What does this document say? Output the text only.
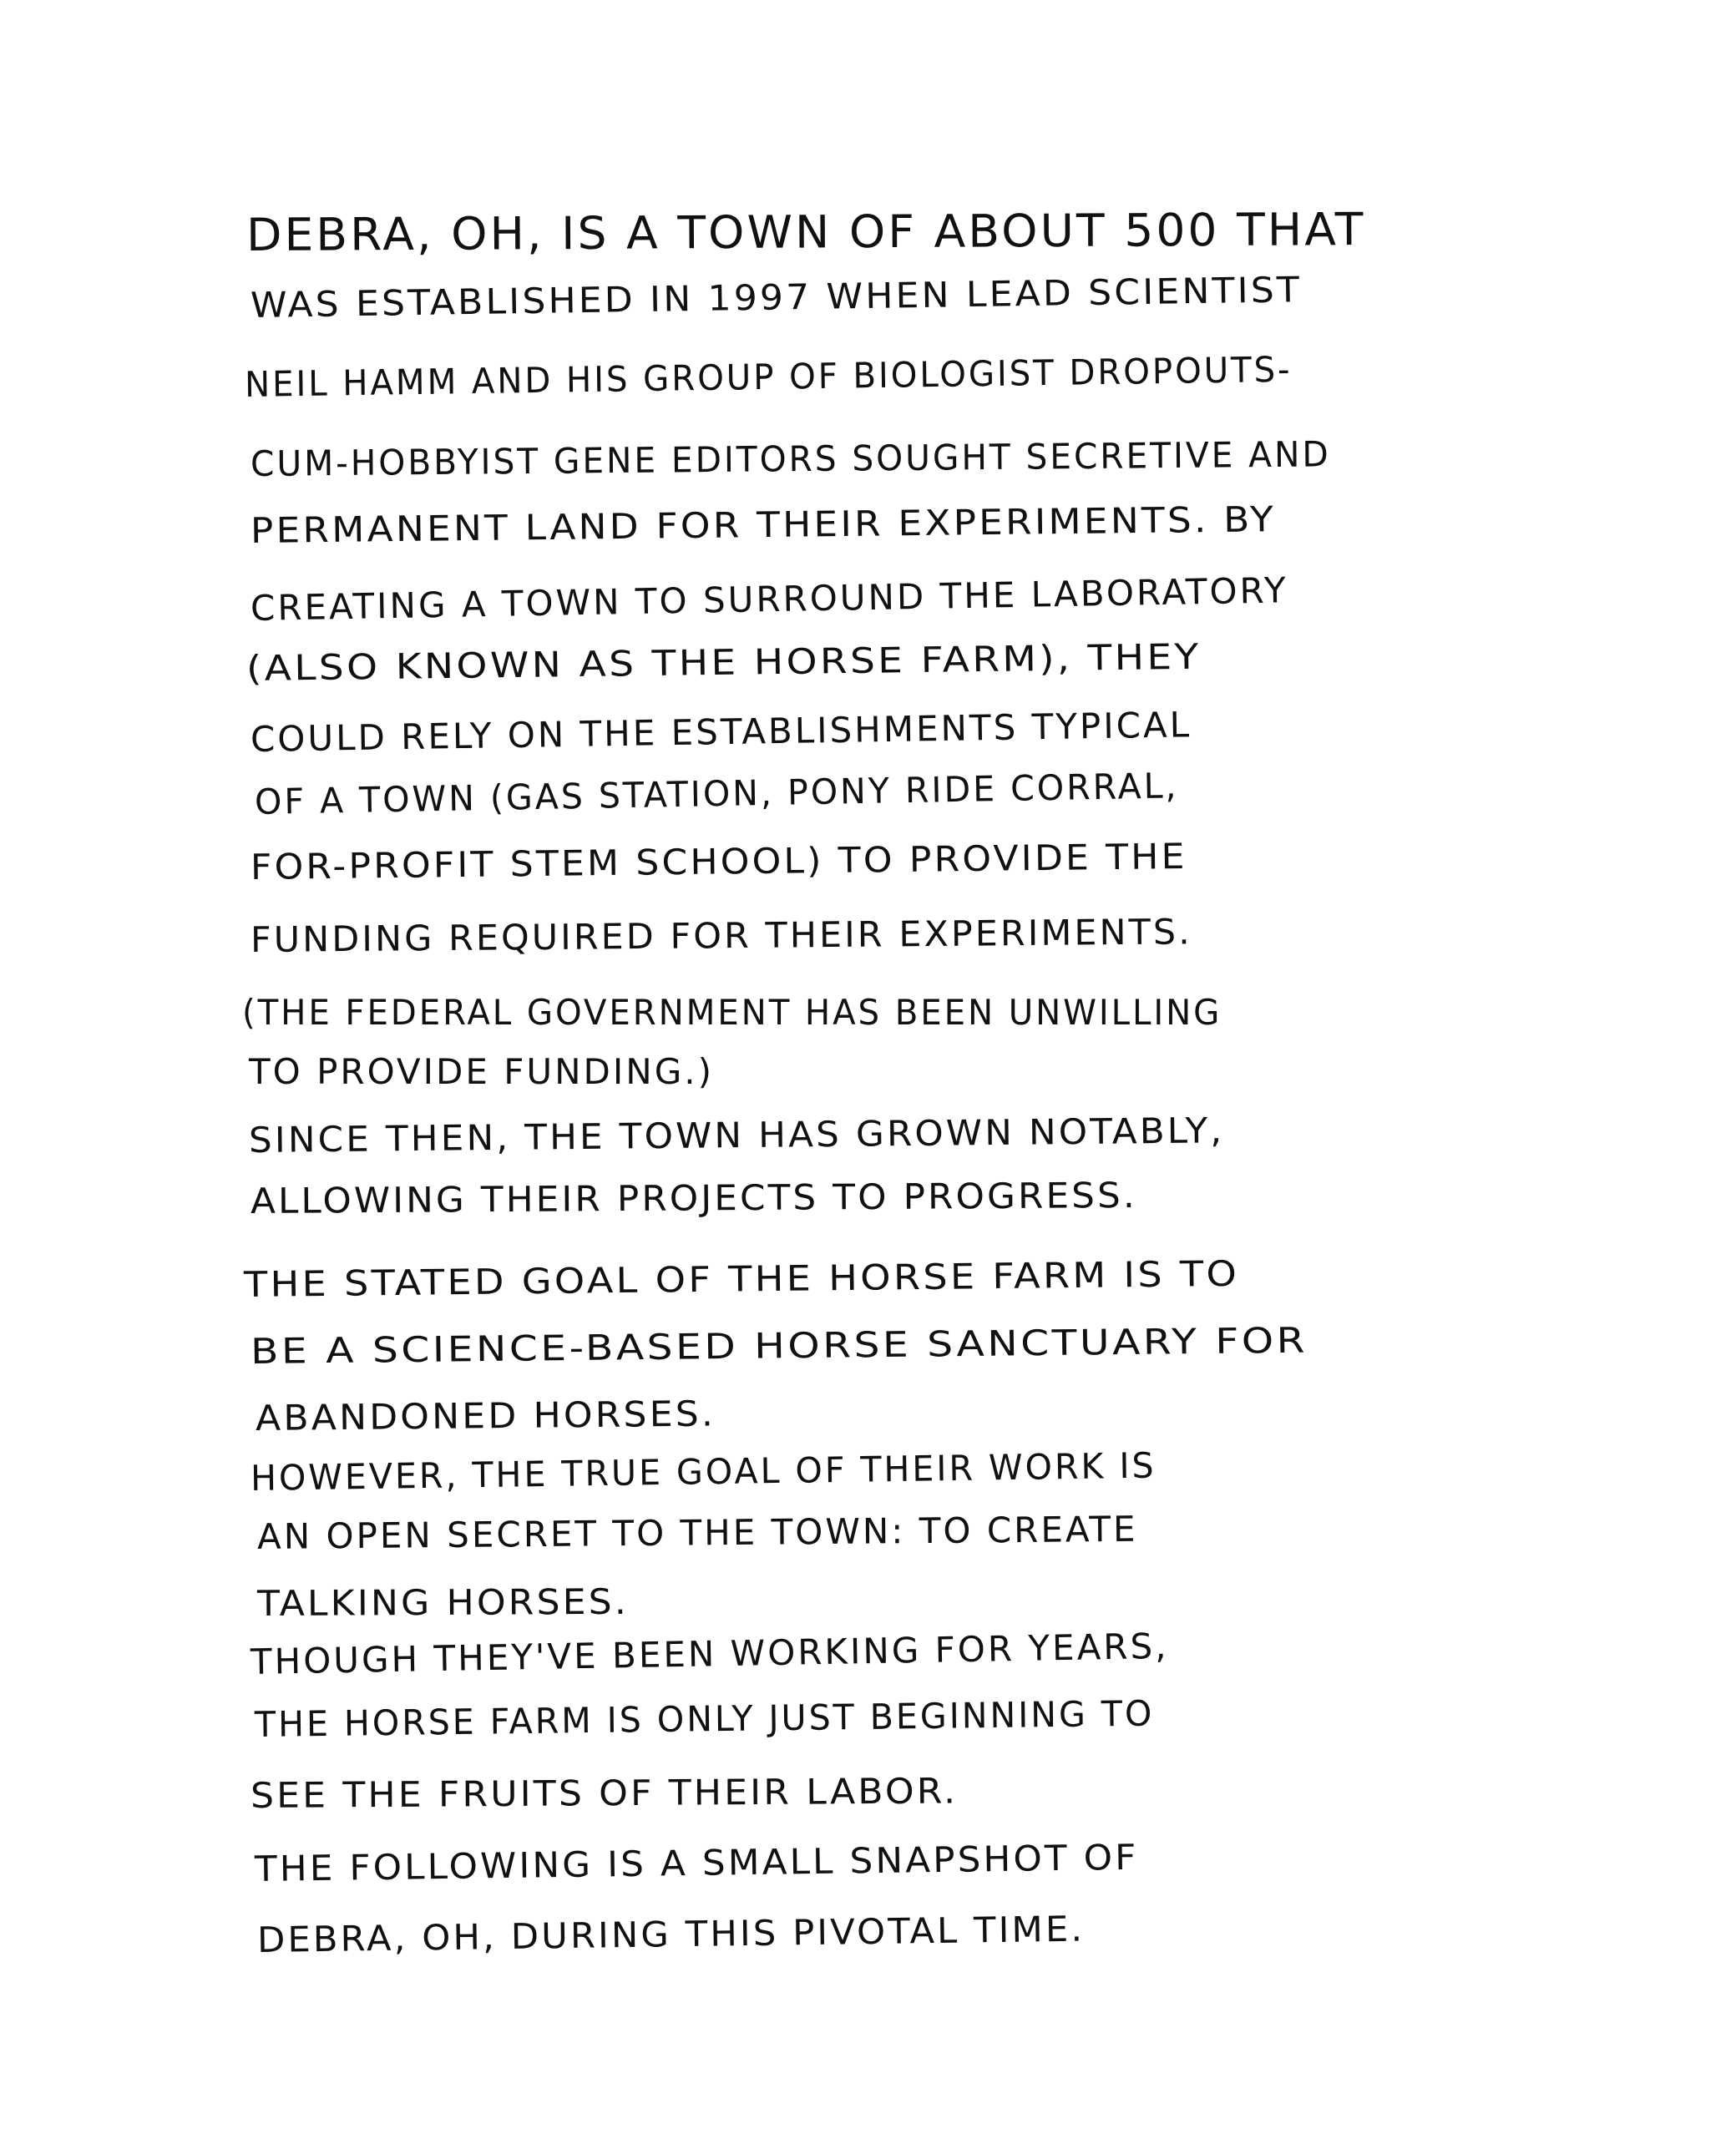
DEBRA, OH, IS A TOWN OF ABOUT 500 THAT
WAS ESTABLISHED IN 1997 WHEN LEAD SCIENTIST
NEIL HAMM AND HIS GROUP OF BIOLOGIST DROPOUTS-
CUM-HOBBYIST GENE EDITORS SOUGHT SECRETIVE AND
PERMANENT LAND FOR THEIR EXPERIMENTS. BY
CREATING A TOWN TO SURROUND THE LABORATORY
(ALSO KNOWN AS THE HORSE FARM), THEY
COULD RELY ON THE ESTABLISHMENTS TYPICAL
OF A TOWN (GAS STATION, PONY RIDE CORRAL,
FOR-PROFIT STEM SCHOOL) TO PROVIDE THE
FUNDING REQUIRED FOR THEIR EXPERIMENTS.
(THE FEDERAL GOVERNMENT HAS BEEN UNWILLING
TO PROVIDE FUNDING.)
SINCE THEN, THE TOWN HAS GROWN NOTABLY,
ALLOWING THEIR PROJECTS TO PROGRESS.
THE STATED GOAL OF THE HORSE FARM IS TO
BE A SCIENCE-BASED HORSE SANCTUARY FOR
ABANDONED HORSES.
HOWEVER, THE TRUE GOAL OF THEIR WORK IS
AN OPEN SECRET TO THE TOWN: TO CREATE
TALKING HORSES.
THOUGH THEY'VE BEEN WORKING FOR YEARS,
THE HORSE FARM IS ONLY JUST BEGINNING TO
SEE THE FRUITS OF THEIR LABOR.
THE FOLLOWING IS A SMALL SNAPSHOT OF
DEBRA, OH, DURING THIS PIVOTAL TIME.
